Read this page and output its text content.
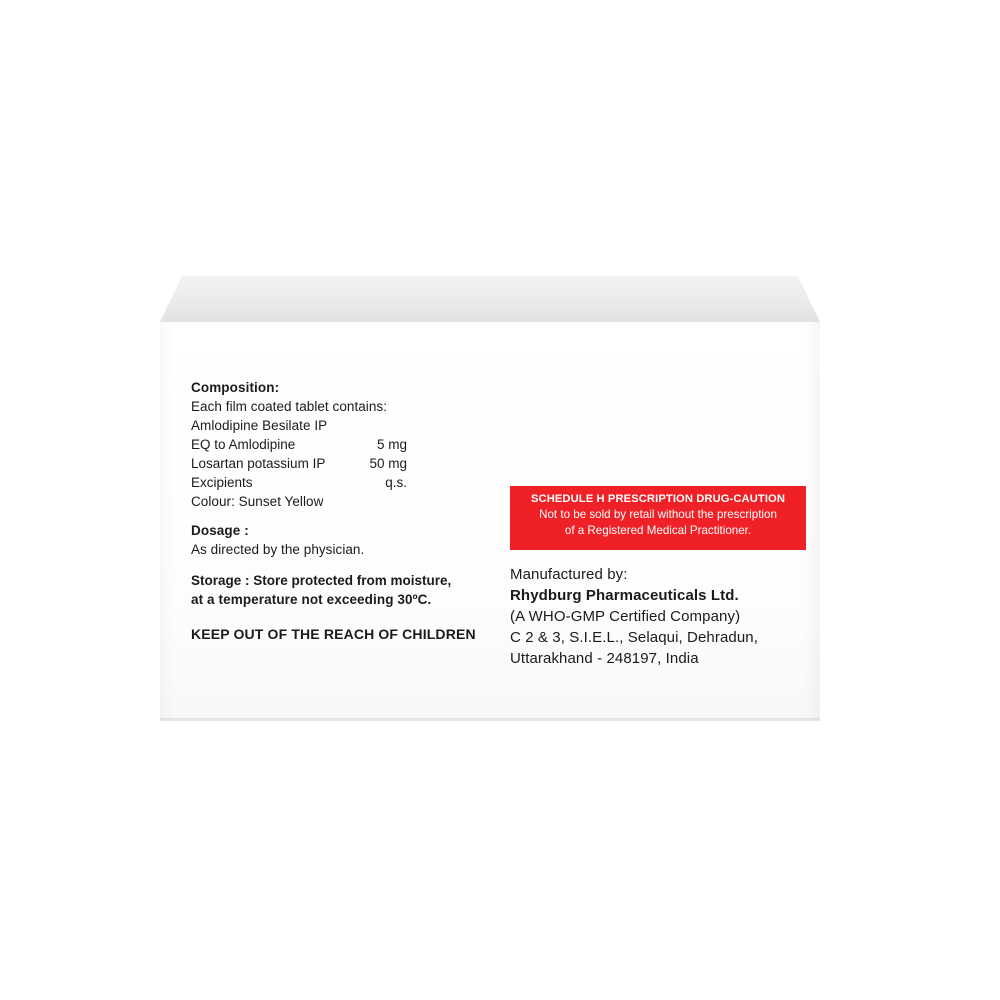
Composition:
Each film coated tablet contains:
Amlodipine Besilate IP
EQ to Amlodipine	5 mg
Losartan potassium IP	50 mg
Excipients	q.s.
Colour: Sunset Yellow
Dosage :
As directed by the physician.
Storage : Store protected from moisture,
at a temperature not exceeding 30ºC.
KEEP OUT OF THE REACH OF CHILDREN
SCHEDULE H PRESCRIPTION DRUG-CAUTION
Not to be sold by retail without the prescription
of a Registered Medical Practitioner.
Manufactured by:
Rhydburg Pharmaceuticals Ltd.
(A WHO-GMP Certified Company)
C 2 & 3, S.I.E.L., Selaqui, Dehradun,
Uttarakhand - 248197, India
